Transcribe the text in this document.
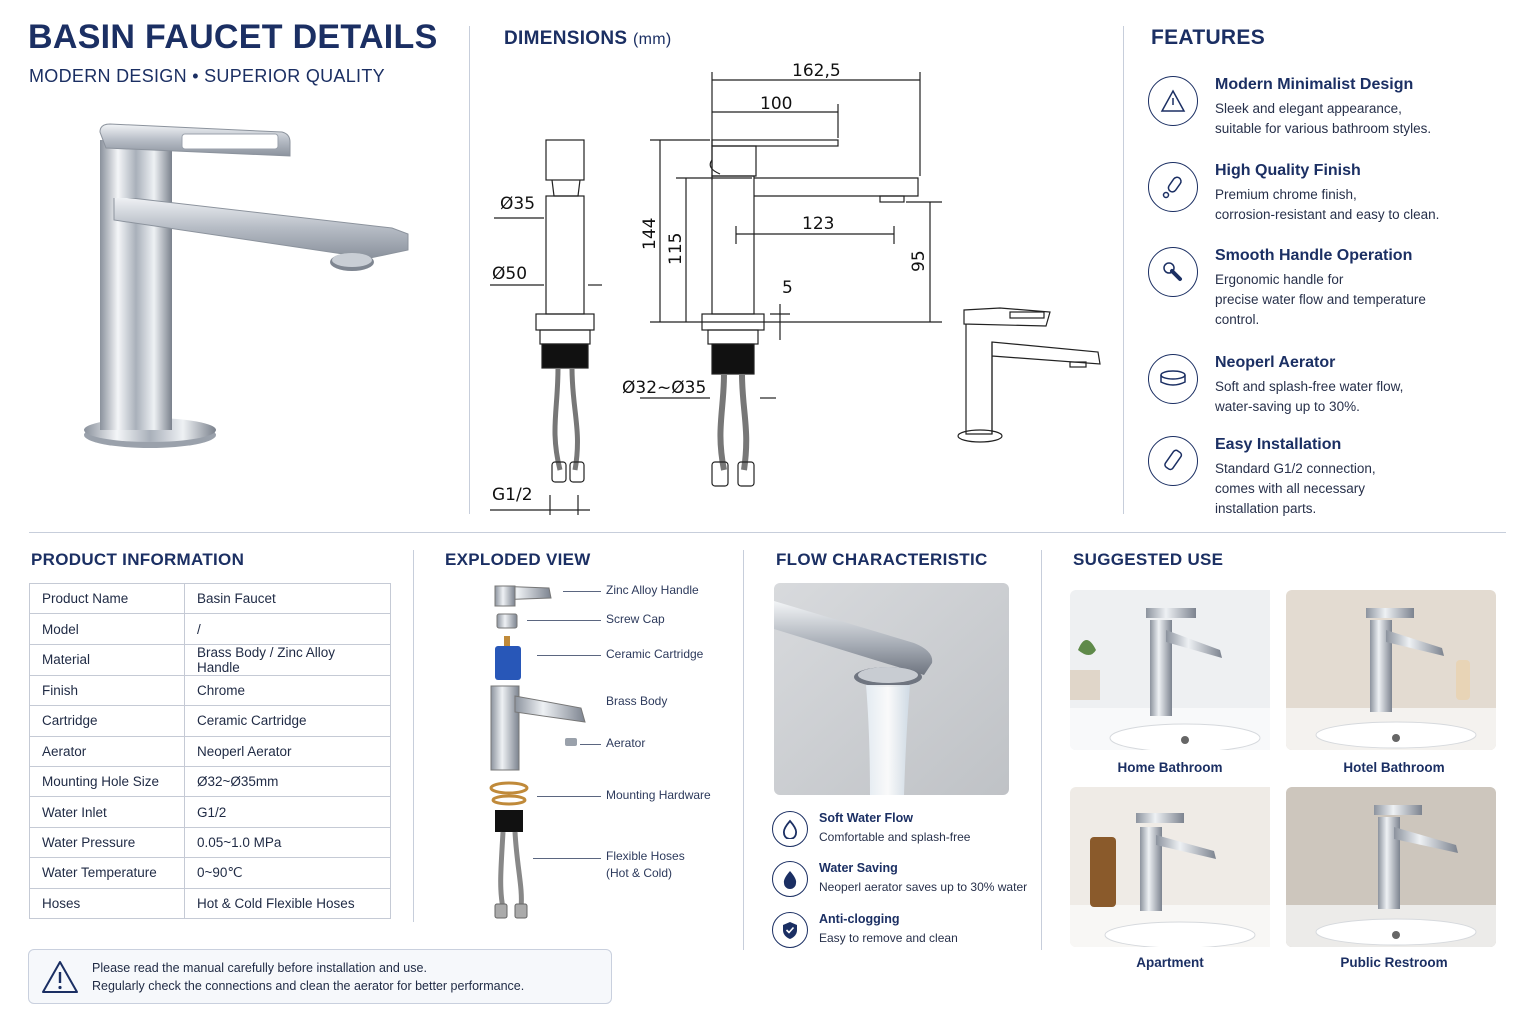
BASIN FAUCET DETAILS
MODERN DESIGN • SUPERIOR QUALITY
DIMENSIONS (mm)
162,5
100
123
5
Ø35
Ø50
Ø32~Ø35
G1/2
144 115	95
FEATURES
Modern Minimalist Design
Sleek and elegant appearance,
suitable for various bathroom styles.
High Quality Finish
Premium chrome finish,
corrosion-resistant and easy to clean.
Smooth Handle Operation
Ergonomic handle for
precise water flow and temperature
control.
Neoperl Aerator
Soft and splash-free water flow,
water-saving up to 30%.
Easy Installation
Standard G1/2 connection,
comes with all necessary
installation parts.
PRODUCT INFORMATION
Product Name	Basin Faucet
Model	/
Material	Brass Body / Zinc Alloy Handle
Finish	Chrome
Cartridge	Ceramic Cartridge
Aerator	Neoperl Aerator
Mounting Hole Size	Ø32~Ø35mm
Water Inlet	G1/2
Water Pressure	0.05~1.0 MPa
Water Temperature	0~90℃
Hoses	Hot & Cold Flexible Hoses
EXPLODED VIEW
Zinc Alloy Handle
Screw Cap
Ceramic Cartridge
Brass Body
Aerator
Mounting Hardware
Flexible Hoses
(Hot & Cold)
FLOW CHARACTERISTIC
Soft Water Flow
Comfortable and splash-free
Water Saving
Neoperl aerator saves up to 30% water
Anti-clogging
Easy to remove and clean
SUGGESTED USE
Home Bathroom	Hotel Bathroom
Apartment	Public Restroom
Please read the manual carefully before installation and use.
Regularly check the connections and clean the aerator for better performance.
